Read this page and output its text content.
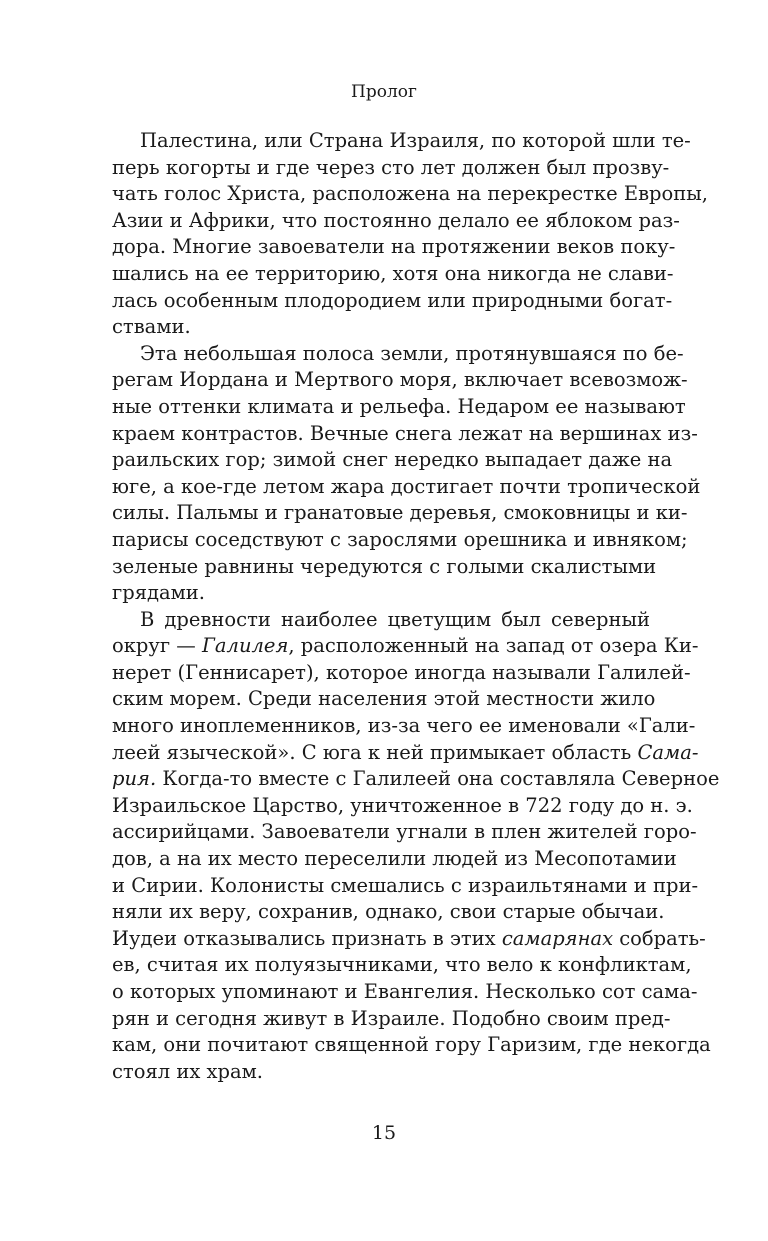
Пролог
Палестина, или Страна Израиля, по которой шли те-
перь когорты и где через сто лет должен был прозву-
чать голос Христа, расположена на перекрестке Европы,
Азии и Африки, что постоянно делало ее яблоком раз-
дора. Многие завоеватели на протяжении веков поку-
шались на ее территорию, хотя она никогда не слави-
лась особенным плодородием или природными богат-
ствами.
Эта небольшая полоса земли, протянувшаяся по бе-
регам Иордана и Мертвого моря, включает всевозмож-
ные оттенки климата и рельефа. Недаром ее называют
краем контрастов. Вечные снега лежат на вершинах из-
раильских гор; зимой снег нередко выпадает даже на
юге, а кое-где летом жара достигает почти тропической
силы. Пальмы и гранатовые деревья, смоковницы и ки-
парисы соседствуют с зарослями орешника и ивняком;
зеленые равнины чередуются с голыми скалистыми
грядами.
В древности наиболее цветущим был северный
округ — Галилея, расположенный на запад от озера Ки-
нерет (Геннисарет), которое иногда называли Галилей-
ским морем. Среди населения этой местности жило
много иноплеменников, из-за чего ее именовали «Гали-
леей языческой». С юга к ней примыкает область Сама-
рия. Когда-то вместе с Галилеей она составляла Северное
Израильское Царство, уничтоженное в 722 году до н. э.
ассирийцами. Завоеватели угнали в плен жителей горо-
дов, а на их место переселили людей из Месопотамии
и Сирии. Колонисты смешались с израильтянами и при-
няли их веру, сохранив, однако, свои старые обычаи.
Иудеи отказывались признать в этих самарянах собрать-
ев, считая их полуязычниками, что вело к конфликтам,
о которых упоминают и Евангелия. Несколько сот сама-
рян и сегодня живут в Израиле. Подобно своим пред-
кам, они почитают священной гору Гаризим, где некогда
стоял их храм.
15
